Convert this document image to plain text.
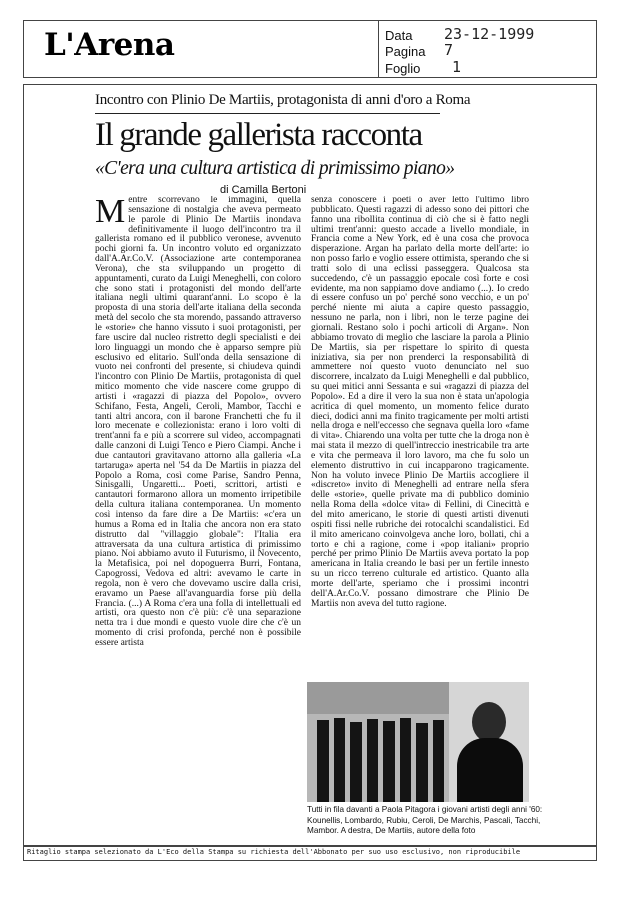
L'Arena	Data 23-12-1999
Pagina 7
Foglio 1
Incontro con Plinio De Martiis, protagonista di anni d'oro a Roma
Il grande gallerista racconta
«C'era una cultura artistica di primissimo piano»
di Camilla Bertoni
Mentre scorrevano le immagini, quella sensazione di nostalgia che aveva permeato le parole di Plinio De Martiis inondava definitivamente il luogo dell'incontro tra il gallerista romano ed il pubblico veronese, avvenuto pochi giorni fa. Un incontro voluto ed organizzato dall'A.Ar.Co.V. (Associazione arte contemporanea Verona), che sta sviluppando un progetto di appuntamenti, curato da Luigi Meneghelli, con coloro che sono stati i protagonisti del mondo dell'arte italiana negli ultimi quarant'anni. Lo scopo è la proposta di una storia dell'arte italiana della seconda metà del secolo che sta morendo, passando attraverso le «storie» che hanno vissuto i suoi protagonisti, per fare uscire dal nucleo ristretto degli specialisti e dei loro linguaggi un mondo che è apparso sempre più esclusivo ed elitario. Sull'onda della sensazione di vuoto nei confronti del presente, si chiudeva quindi l'incontro con Plinio De Martiis, protagonista di quel mitico momento che vide nascere come gruppo di artisti i «ragazzi di piazza del Popolo», ovvero Schifano, Festa, Angeli, Ceroli, Mambor, Tacchi e tanti altri ancora, con il barone Franchetti che fu il loro mecenate e collezionista: erano i loro volti di trent'anni fa e più a scorrere sul video, accompagnati dalle canzoni di Luigi Tenco e Piero Ciampi. Anche i due cantautori gravitavano attorno alla galleria «La tartaruga» aperta nel '54 da De Martiis in piazza del Popolo a Roma, così come Parise, Sandro Penna, Sinisgalli, Ungaretti... Poeti, scrittori, artisti e cantautori formarono allora un momento irripetibile della cultura italiana contemporanea. Un momento così intenso da fare dire a De Martiis: «c'era un humus a Roma ed in Italia che ancora non era stato distrutto dal "villaggio globale": l'Italia era attraversata da una cultura artistica di primissimo piano. Noi abbiamo avuto il Futurismo, il Novecento, la Metafisica, poi nel dopoguerra Burri, Fontana, Capogrossi, Vedova ed altri: avevamo le carte in regola, non è vero che dovevamo uscire dalla crisi, eravamo un Paese all'avanguardia forse più della Francia. (...) A Roma c'era una folla di intellettuali ed artisti, ora questo non c'è più: c'è una separazione netta tra i due mondi e questo vuole dire che c'è un momento di crisi profonda, perché non è possibile essere artista
senza conoscere i poeti o aver letto l'ultimo libro pubblicato. Questi ragazzi di adesso sono dei pittori che fanno una ribollita continua di ciò che si è fatto negli ultimi trent'anni: questo accade a livello mondiale, in Francia come a New York, ed è una cosa che provoca disperazione. Argan ha parlato della morte dell'arte: io non posso farlo e voglio essere ottimista, sperando che si tratti solo di una eclissi passeggera. Qualcosa sta succedendo, c'è un passaggio epocale così forte e così evidente, ma non sappiamo dove andiamo (...). Io credo di essere confuso un po' perché sono vecchio, e un po' perché niente mi aiuta a capire questo passaggio, nessuno ne parla, non i libri, non le terze pagine dei giornali. Restano solo i pochi articoli di Argan». Non abbiamo trovato di meglio che lasciare la parola a Plinio De Martiis, sia per rispettare lo spirito di questa iniziativa, sia per non prenderci la responsabilità di ammettere noi questo vuoto denunciato nel suo discorrere, incalzato da Luigi Meneghelli e dal pubblico, su quei mitici anni Sessanta e sui «ragazzi di piazza del Popolo». Ed a dire il vero la sua non è stata un'apologia acritica di quel momento, un momento felice durato dieci, dodici anni ma finito tragicamente per molti artisti nella droga e nell'eccesso che segnava quella loro «fame di vita». Chiarendo una volta per tutte che la droga non è mai stata il mezzo di quell'intreccio inestricabile tra arte e vita che permeava il loro lavoro, ma che fu solo un elemento distruttivo in cui incapparono tragicamente. Non ha voluto invece Plinio De Martiis accogliere il «discreto» invito di Meneghelli ad entrare nella sfera delle «storie», quelle private ma di pubblico dominio nella Roma della «dolce vita» di Fellini, di Cinecittà e del mito americano, le storie di questi artisti divenuti ospiti fissi nelle rubriche dei rotocalchi scandalistici. Ed il mito americano coinvolgeva anche loro, bollati, chi a torto e chi a ragione, come i «pop italiani» proprio perché per primo Plinio De Martiis aveva portato la pop americana in Italia creando le basi per un fertile innesto su un ricco terreno culturale ed artistico. Quanto alla morte dell'arte, speriamo che i prossimi incontri dell'A.Ar.Co.V. possano dimostrare che Plinio De Martiis non aveva del tutto ragione.
Tutti in fila davanti a Paola Pitagora i giovani artisti degli anni '60: Kounellis, Lombardo, Rubiu, Ceroli, De Marchis, Pascali, Tacchi, Mambor. A destra, De Martiis, autore della foto
Ritaglio stampa selezionato da L'Eco della Stampa su richiesta dell'Abbonato per suo uso esclusivo, non riproducibile
